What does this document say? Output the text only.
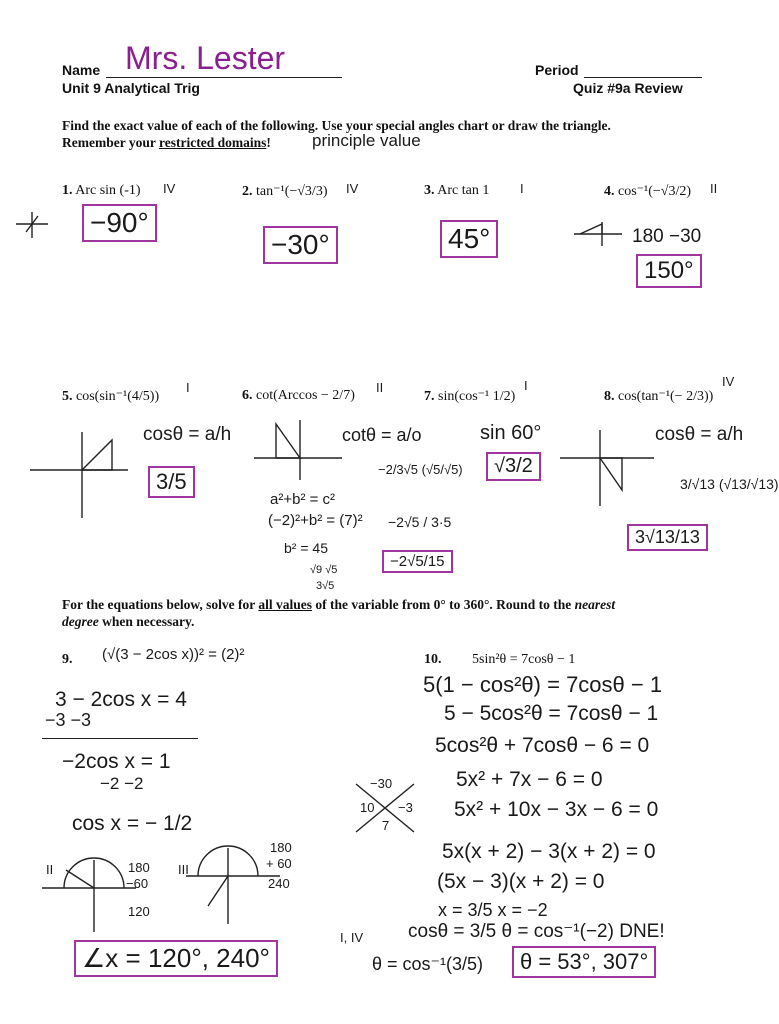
Name Mrs. Lester	Period
Unit 9 Analytical Trig	Quiz #9a Review
Find the exact value of each of the following. Use your special angles chart or draw the triangle.
Remember your restricted domains! principle value
1. Arc sin (-1) IV
−90°
2. tan⁻¹(−√3/3) IV
−30°
3. Arc tan 1 I
45°
4. cos⁻¹(−√3/2) II
180 −30
150°
5. cos(sin⁻¹(4/5))
I
cosθ = a/h
3/5
6. cot(Arccos − 2/7)
II
cotθ = a/o
a²+b² = c²
(−2)²+b² = (7)²
b² = 45
√9 √5
3√5
−2/3√5 (√5/√5)
−2√5 / 3·5
−2√5/15
7. sin(cos⁻¹ 1/2)
I
sin 60°
√3/2
8. cos(tan⁻¹(− 2/3))
IV
cosθ = a/h
3/√13 (√13/√13)
3√13/13
For the equations below, solve for all values of the variable from 0° to 360°. Round to the nearest
degree when necessary.
9. (√(3 − 2cos x))² = (2)²
3 − 2cos x = 4
−3 −3
−2cos x = 1
−2 −2
cos x = − 1/2
II	III
180
−60
120
180
+ 60
240
∠x = 120°, 240°
10. 5sin²θ = 7cosθ − 1
5(1 − cos²θ) = 7cosθ − 1
5 − 5cos²θ = 7cosθ − 1
5cos²θ + 7cosθ − 6 = 0
5x² + 7x − 6 = 0
5x² + 10x − 3x − 6 = 0
5x(x + 2) − 3(x + 2) = 0
(5x − 3)(x + 2) = 0
x = 3/5 x = −2
cosθ = 3/5 θ = cos⁻¹(−2) DNE!
θ = cos⁻¹(3/5)
I, IV
−30
10 −3
7
θ = 53°, 307°
